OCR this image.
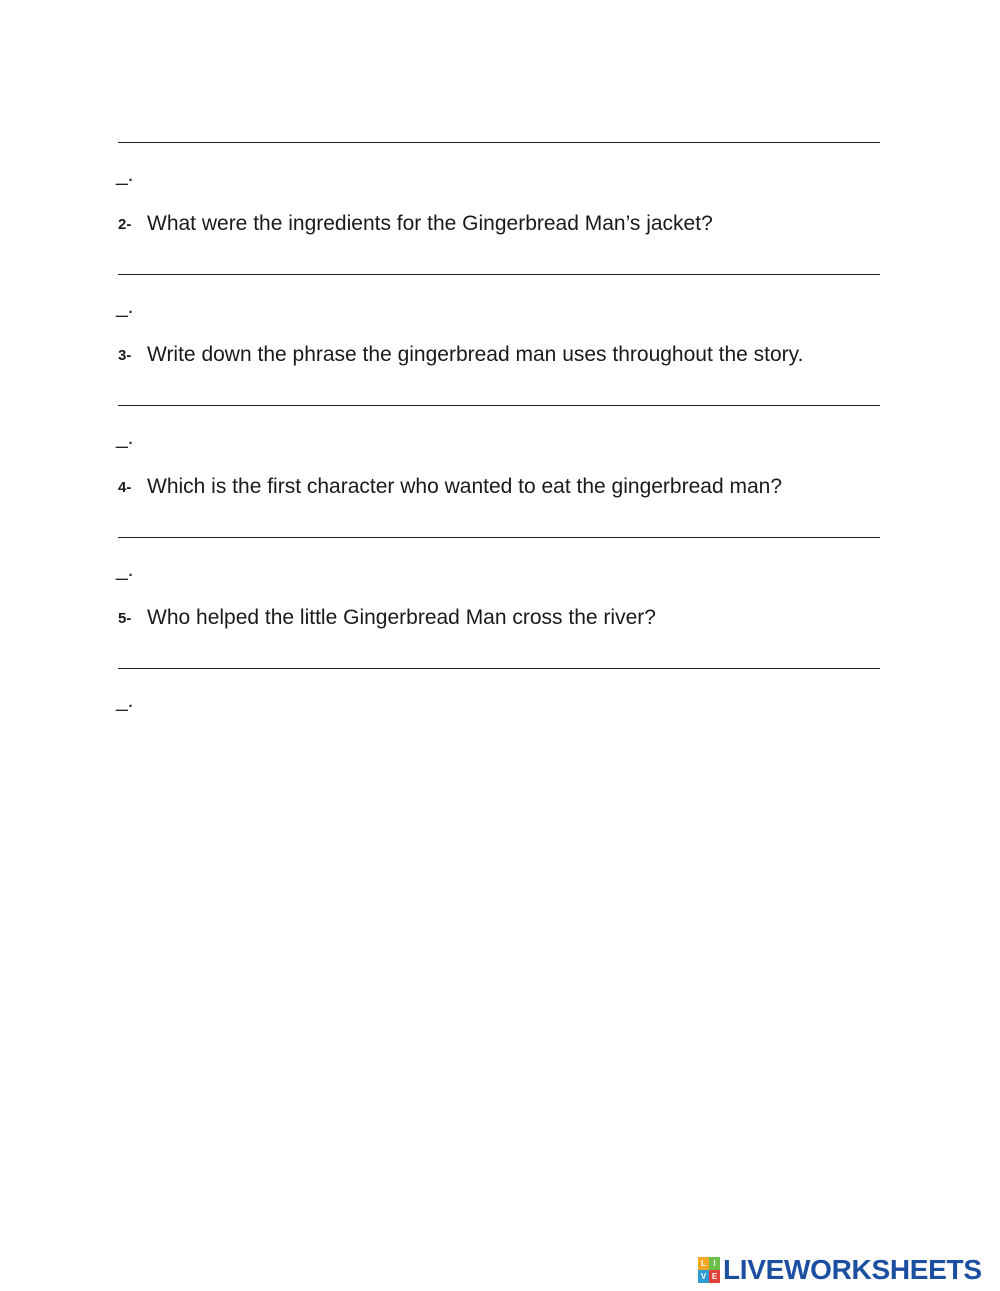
_.
2- What were the ingredients for the Gingerbread Man’s jacket?
_.
3- Write down the phrase the gingerbread man uses throughout the story.
_.
4- Which is the first character who wanted to eat the gingerbread man?
_.
5- Who helped the little Gingerbread Man cross the river?
_.
L I
V E LIVEWORKSHEETS
